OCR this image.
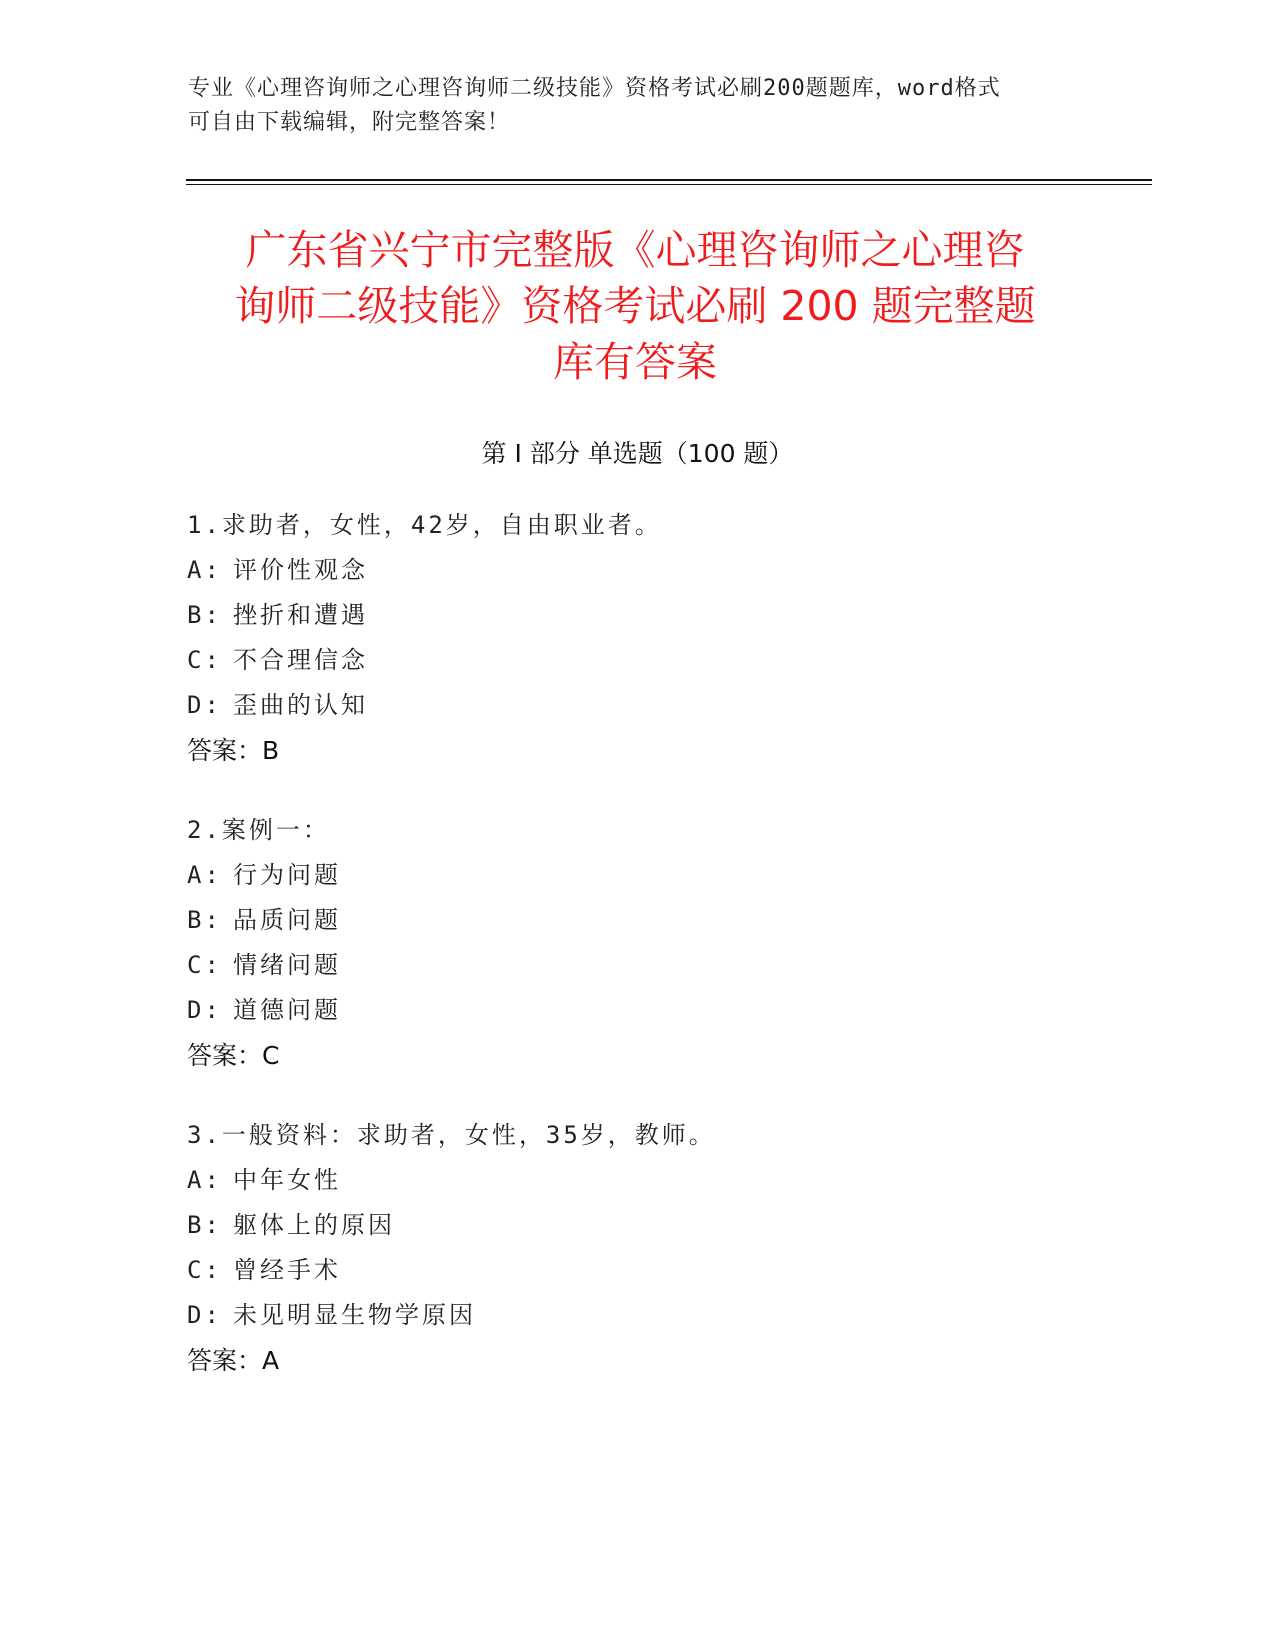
专业《心理咨询师之心理咨询师二级技能》资格考试必刷200题题库，word格式
可自由下载编辑，附完整答案！
广东省兴宁市完整版《心理咨询师之心理咨
询师二级技能》资格考试必刷 200 题完整题
库有答案
第 I 部分 单选题（100 题）
1.求助者，女性，42岁，自由职业者。
A: 评价性观念
B: 挫折和遭遇
C: 不合理信念
D: 歪曲的认知
答案：B
2.案例一：
A: 行为问题
B: 品质问题
C: 情绪问题
D: 道德问题
答案：C
3.一般资料：求助者，女性，35岁，教师。
A: 中年女性
B: 躯体上的原因
C: 曾经手术
D: 未见明显生物学原因
答案：A
